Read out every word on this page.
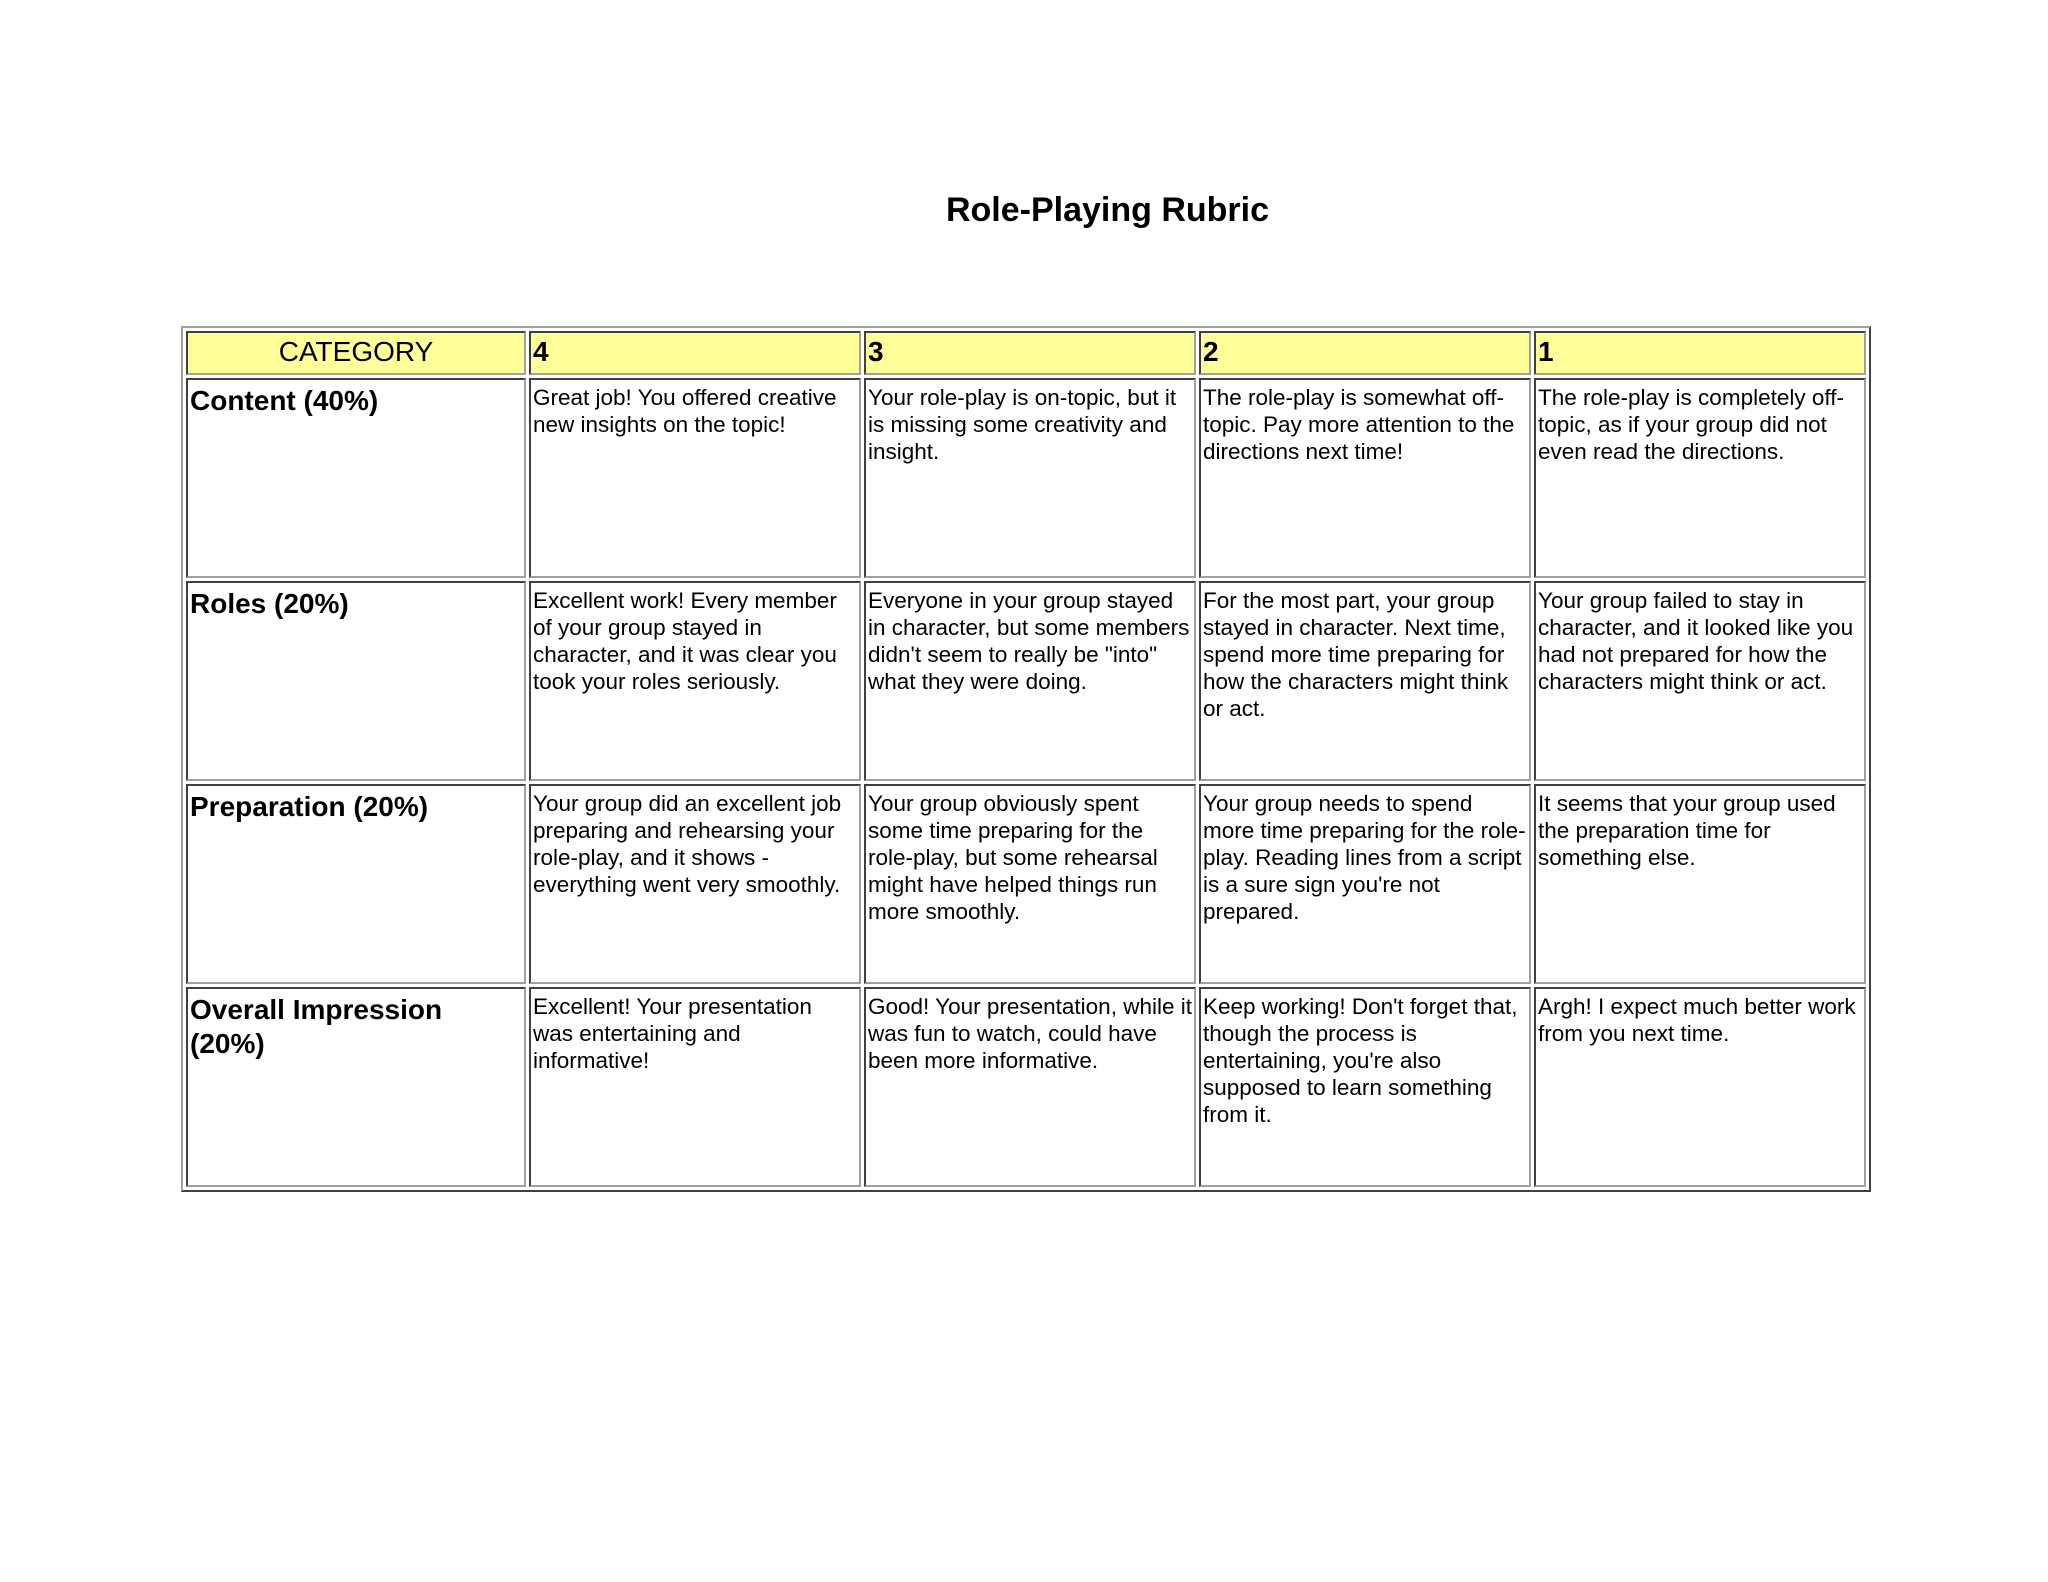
Role-Playing Rubric
CATEGORY	4	3	2	1
Content (40%)	Great job! You offered creative new insights on the topic!	Your role-play is on-topic, but it is missing some creativity and insight.	The role-play is somewhat off-topic. Pay more attention to the directions next time!	The role-play is completely off-topic, as if your group did not even read the directions.
Roles (20%)	Excellent work! Every member of your group stayed in character, and it was clear you took your roles seriously.	Everyone in your group stayed in character, but some members didn't seem to really be "into" what they were doing.	For the most part, your group stayed in character. Next time, spend more time preparing for how the characters might think or act.	Your group failed to stay in character, and it looked like you had not prepared for how the characters might think or act.
Preparation (20%)	Your group did an excellent job preparing and rehearsing your role-play, and it shows - everything went very smoothly.	Your group obviously spent some time preparing for the role-play, but some rehearsal might have helped things run more smoothly.	Your group needs to spend more time preparing for the role-play. Reading lines from a script is a sure sign you're not prepared.	It seems that your group used the preparation time for something else.
Overall Impression (20%)	Excellent! Your presentation was entertaining and informative!	Good! Your presentation, while it was fun to watch, could have been more informative.	Keep working! Don't forget that, though the process is entertaining, you're also supposed to learn something from it.	Argh! I expect much better work from you next time.
